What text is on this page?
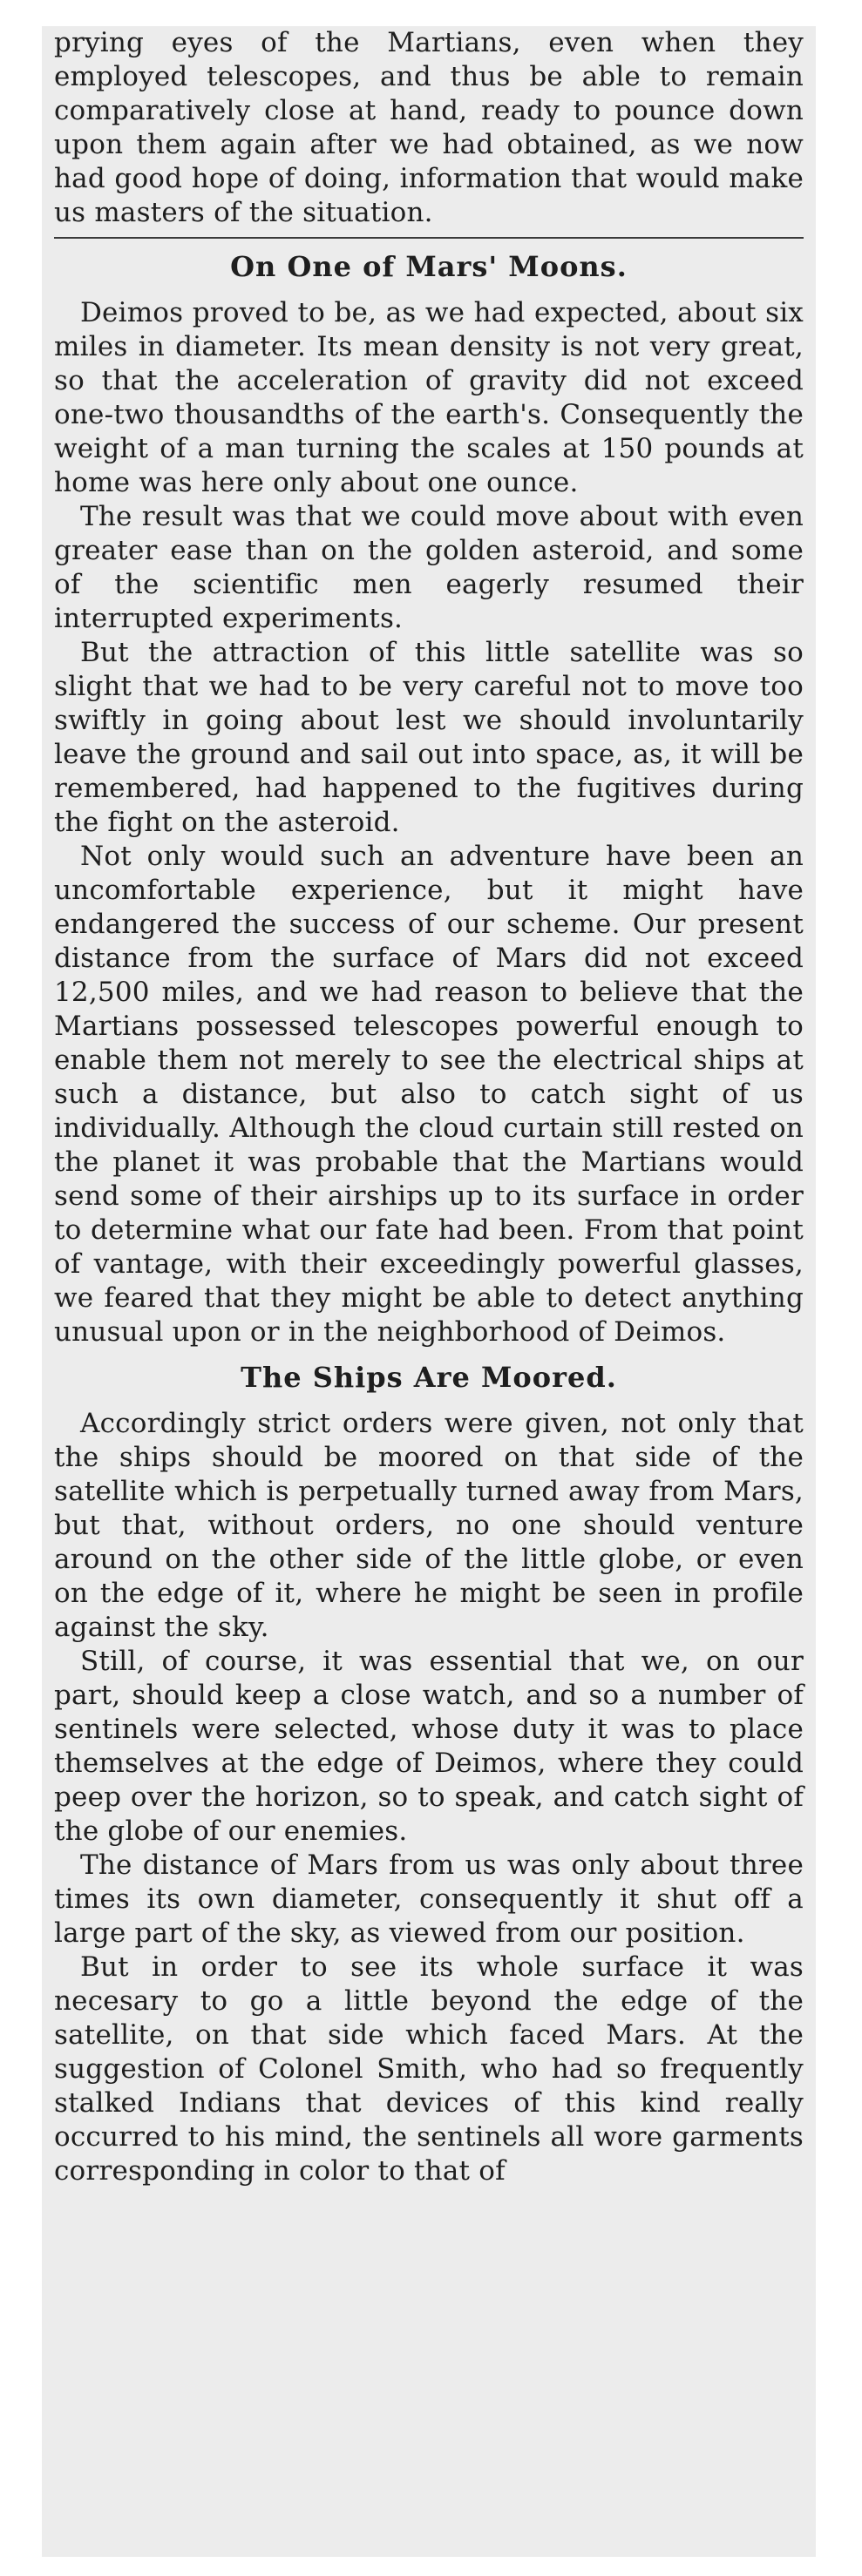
prying eyes of the Martians, even when they employed telescopes, and thus be able to remain comparatively close at hand, ready to pounce down upon them again after we had obtained, as we now had good hope of doing, information that would make us masters of the situation.

On One of Mars' Moons.

Deimos proved to be, as we had expected, about six miles in diameter. Its mean density is not very great, so that the acceleration of gravity did not exceed one-two thousandths of the earth's. Consequently the weight of a man turning the scales at 150 pounds at home was here only about one ounce.

The result was that we could move about with even greater ease than on the golden asteroid, and some of the scientific men eagerly resumed their interrupted experiments.

But the attraction of this little satellite was so slight that we had to be very careful not to move too swiftly in going about lest we should involuntarily leave the ground and sail out into space, as, it will be remembered, had happened to the fugitives during the fight on the asteroid.

Not only would such an adventure have been an uncomfortable experience, but it might have endangered the success of our scheme. Our present distance from the surface of Mars did not exceed 12,500 miles, and we had reason to believe that the Martians possessed telescopes powerful enough to enable them not merely to see the electrical ships at such a distance, but also to catch sight of us individually. Although the cloud curtain still rested on the planet it was probable that the Martians would send some of their airships up to its surface in order to determine what our fate had been. From that point of vantage, with their exceedingly powerful glasses, we feared that they might be able to detect anything unusual upon or in the neighborhood of Deimos.

The Ships Are Moored.

Accordingly strict orders were given, not only that the ships should be moored on that side of the satellite which is perpetually turned away from Mars, but that, without orders, no one should venture around on the other side of the little globe, or even on the edge of it, where he might be seen in profile against the sky.

Still, of course, it was essential that we, on our part, should keep a close watch, and so a number of sentinels were selected, whose duty it was to place themselves at the edge of Deimos, where they could peep over the horizon, so to speak, and catch sight of the globe of our enemies.

The distance of Mars from us was only about three times its own diameter, consequently it shut off a large part of the sky, as viewed from our position.

But in order to see its whole surface it was necesary to go a little beyond the edge of the satellite, on that side which faced Mars. At the suggestion of Colonel Smith, who had so frequently stalked Indians that devices of this kind really occurred to his mind, the sentinels all wore garments corresponding in color to that of
